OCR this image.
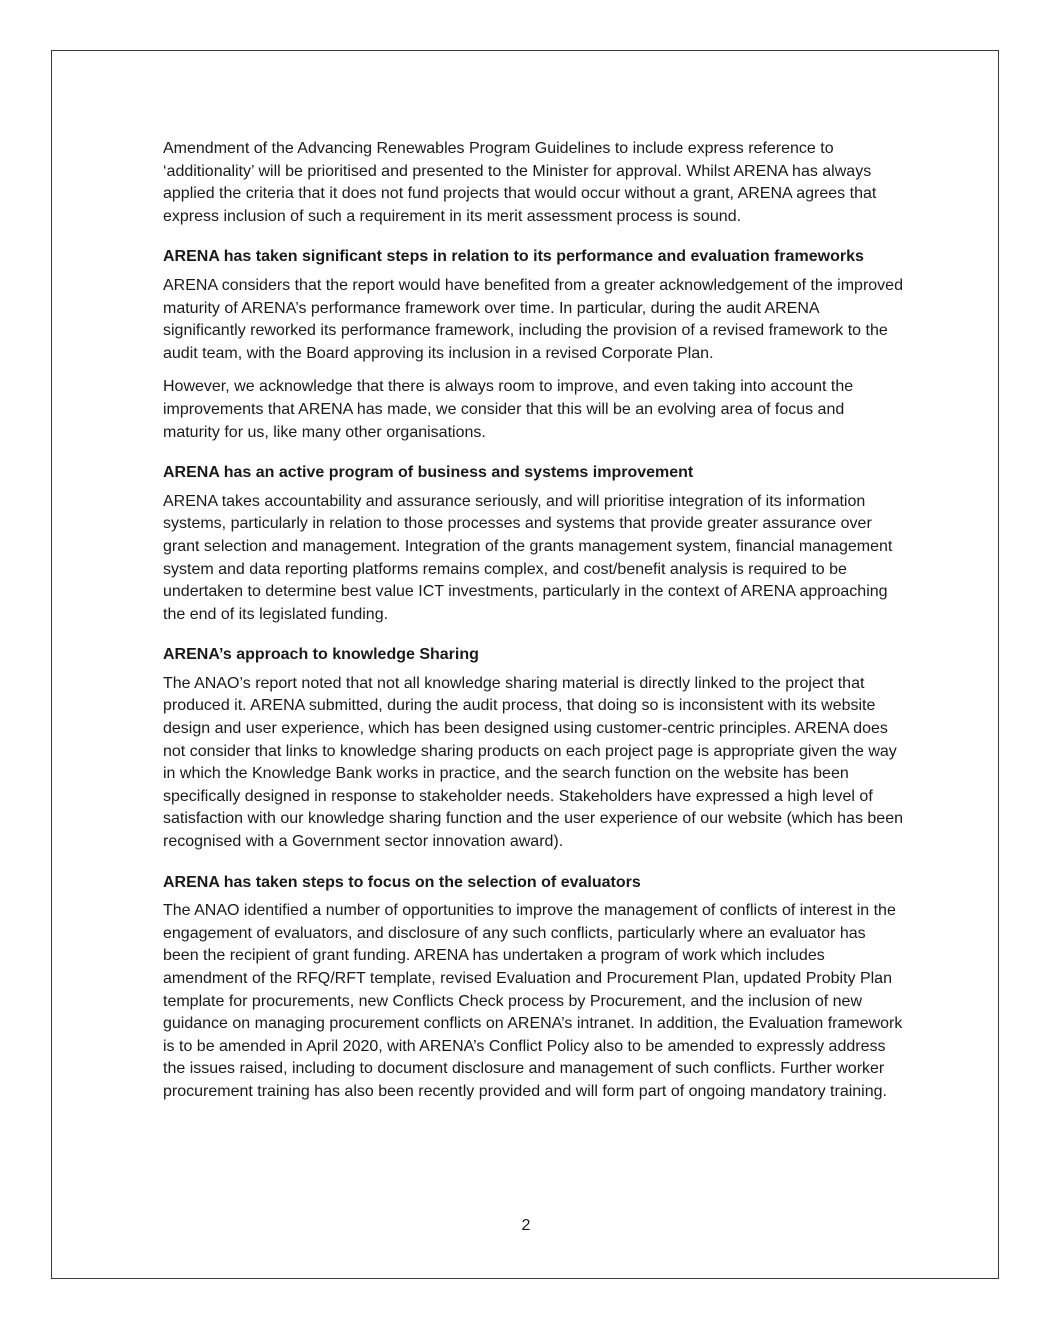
Amendment of the Advancing Renewables Program Guidelines to include express reference to ‘additionality’ will be prioritised and presented to the Minister for approval. Whilst ARENA has always applied the criteria that it does not fund projects that would occur without a grant, ARENA agrees that express inclusion of such a requirement in its merit assessment process is sound.

ARENA has taken significant steps in relation to its performance and evaluation frameworks

ARENA considers that the report would have benefited from a greater acknowledgement of the improved maturity of ARENA’s performance framework over time. In particular, during the audit ARENA significantly reworked its performance framework, including the provision of a revised framework to the audit team, with the Board approving its inclusion in a revised Corporate Plan.

However, we acknowledge that there is always room to improve, and even taking into account the improvements that ARENA has made, we consider that this will be an evolving area of focus and maturity for us, like many other organisations.

ARENA has an active program of business and systems improvement

ARENA takes accountability and assurance seriously, and will prioritise integration of its information systems, particularly in relation to those processes and systems that provide greater assurance over grant selection and management. Integration of the grants management system, financial management system and data reporting platforms remains complex, and cost/benefit analysis is required to be undertaken to determine best value ICT investments, particularly in the context of ARENA approaching the end of its legislated funding.

ARENA’s approach to knowledge Sharing

The ANAO’s report noted that not all knowledge sharing material is directly linked to the project that produced it. ARENA submitted, during the audit process, that doing so is inconsistent with its website design and user experience, which has been designed using customer-centric principles. ARENA does not consider that links to knowledge sharing products on each project page is appropriate given the way in which the Knowledge Bank works in practice, and the search function on the website has been specifically designed in response to stakeholder needs. Stakeholders have expressed a high level of satisfaction with our knowledge sharing function and the user experience of our website (which has been recognised with a Government sector innovation award).

ARENA has taken steps to focus on the selection of evaluators

The ANAO identified a number of opportunities to improve the management of conflicts of interest in the engagement of evaluators, and disclosure of any such conflicts, particularly where an evaluator has been the recipient of grant funding. ARENA has undertaken a program of work which includes amendment of the RFQ/RFT template, revised Evaluation and Procurement Plan, updated Probity Plan template for procurements, new Conflicts Check process by Procurement, and the inclusion of new guidance on managing procurement conflicts on ARENA’s intranet. In addition, the Evaluation framework is to be amended in April 2020, with ARENA’s Conflict Policy also to be amended to expressly address the issues raised, including to document disclosure and management of such conflicts. Further worker procurement training has also been recently provided and will form part of ongoing mandatory training.

2
